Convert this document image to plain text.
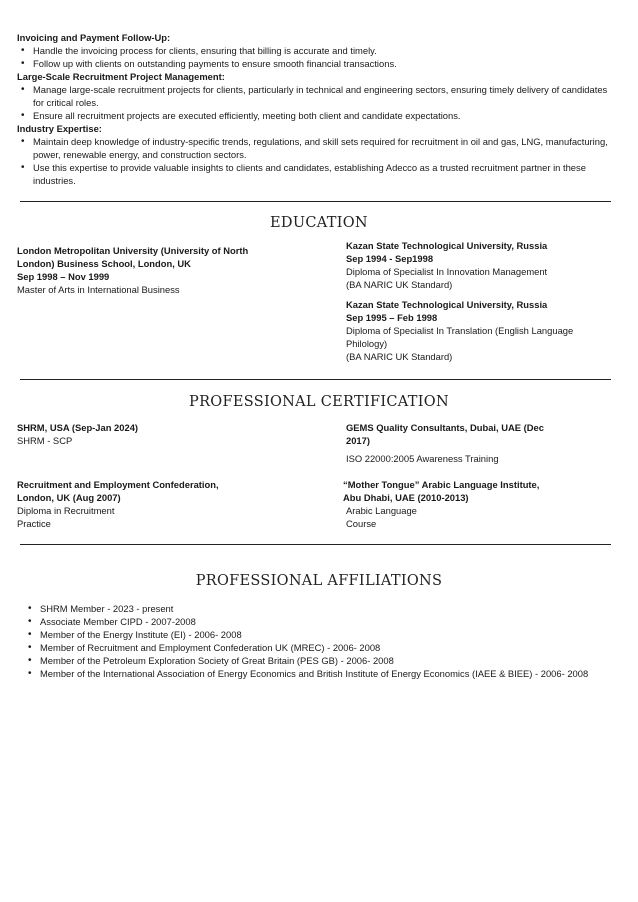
Invoicing and Payment Follow-Up:
• Handle the invoicing process for clients, ensuring that billing is accurate and timely.
• Follow up with clients on outstanding payments to ensure smooth financial transactions.
Large-Scale Recruitment Project Management:
• Manage large-scale recruitment projects for clients, particularly in technical and engineering sectors, ensuring timely delivery of candidates for critical roles.
• Ensure all recruitment projects are executed efficiently, meeting both client and candidate expectations.
Industry Expertise:
• Maintain deep knowledge of industry-specific trends, regulations, and skill sets required for recruitment in oil and gas, LNG, manufacturing, power, renewable energy, and construction sectors.
• Use this expertise to provide valuable insights to clients and candidates, establishing Adecco as a trusted recruitment partner in these industries.
EDUCATION
London Metropolitan University (University of North London) Business School, London, UK
Sep 1998 – Nov 1999
Master of Arts in International Business
Kazan State Technological University, Russia
Sep 1994 - Sep1998
Diploma of Specialist In Innovation Management
(BA NARIC UK Standard)
Kazan State Technological University, Russia
Sep 1995 – Feb 1998
Diploma of Specialist In Translation (English Language Philology)
(BA NARIC UK Standard)
PROFESSIONAL CERTIFICATION
SHRM, USA (Sep-Jan 2024)
SHRM - SCP
GEMS Quality Consultants, Dubai, UAE (Dec 2017)
ISO 22000:2005 Awareness Training
Recruitment and Employment Confederation, London, UK (Aug 2007)
Diploma in Recruitment Practice
“Mother Tongue” Arabic Language Institute, Abu Dhabi, UAE (2010-2013)
Arabic Language Course
PROFESSIONAL AFFILIATIONS
• SHRM Member - 2023 - present
• Associate Member CIPD - 2007-2008
• Member of the Energy Institute (EI) - 2006- 2008
• Member of Recruitment and Employment Confederation UK (MREC) - 2006- 2008
• Member of the Petroleum Exploration Society of Great Britain (PES GB) - 2006- 2008
• Member of the International Association of Energy Economics and British Institute of Energy Economics (IAEE & BIEE) - 2006- 2008
